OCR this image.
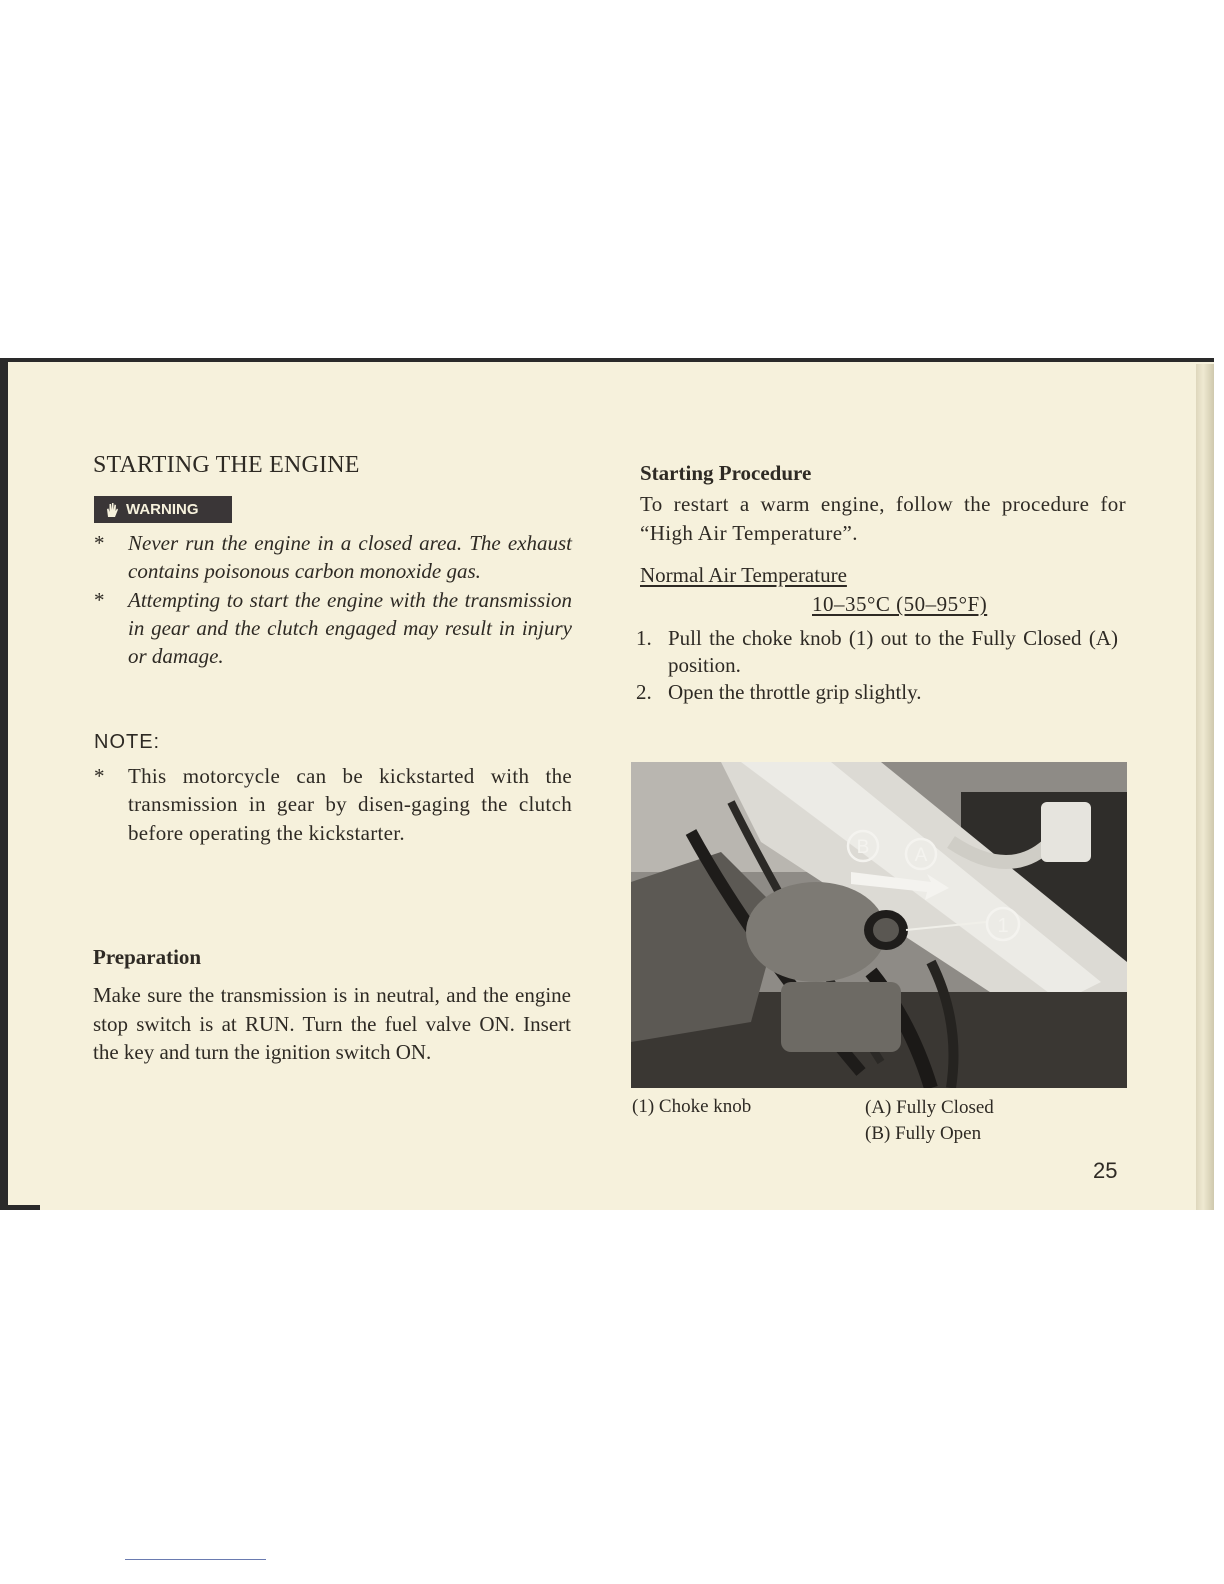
STARTING THE ENGINE
WARNING
* Never run the engine in a closed area. The exhaust contains poisonous carbon monoxide gas.
* Attempting to start the engine with the transmission in gear and the clutch engaged may result in injury or damage.
NOTE:
* This motorcycle can be kickstarted with the transmission in gear by disen-gaging the clutch before operating the kickstarter.
Preparation
Make sure the transmission is in neutral, and the engine stop switch is at RUN. Turn the fuel valve ON. Insert the key and turn the ignition switch ON.
Starting Procedure
To restart a warm engine, follow the procedure for “High Air Temperature”.
Normal Air Temperature
10–35°C (50–95°F)
1. Pull the choke knob (1) out to the Fully Closed (A) position.
2. Open the throttle grip slightly.
B A
1
(1) Choke knob	(A) Fully Closed
(B) Fully Open
25
